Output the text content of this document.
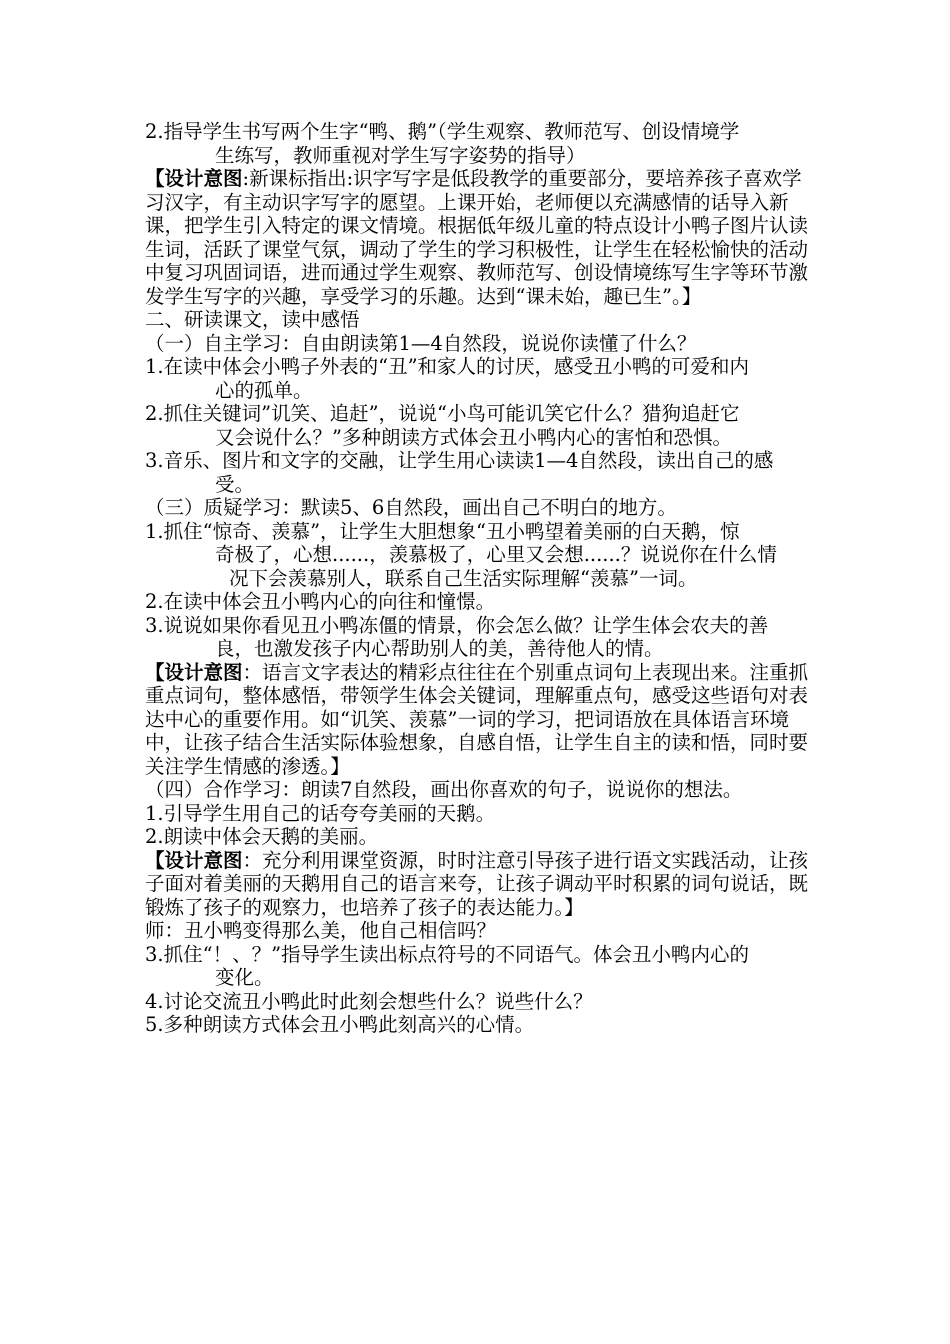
2.指导学生书写两个生字“鸭、鹅”（学生观察、教师范写、创设情境学

生练写，教师重视对学生写字姿势的指导）

【设计意图:新课标指出:识字写字是低段教学的重要部分，要培养孩子喜欢学习汉字，有主动识字写字的愿望。上课开始，老师便以充满感情的话导入新课，把学生引入特定的课文情境。根据低年级儿童的特点设计小鸭子图片认读生词，活跃了课堂气氛，调动了学生的学习积极性，让学生在轻松愉快的活动中复习巩固词语，进而通过学生观察、教师范写、创设情境练写生字等环节激发学生写字的兴趣，享受学习的乐趣。达到“课未始，趣已生”。】

二、研读课文，读中感悟

（一）自主学习：自由朗读第1—4自然段，说说你读懂了什么？

1.在读中体会小鸭子外表的“丑”和家人的讨厌，感受丑小鸭的可爱和内

心的孤单。

2.抓住关键词”讥笑、追赶”，说说“小鸟可能讥笑它什么？猎狗追赶它

又会说什么？”多种朗读方式体会丑小鸭内心的害怕和恐惧。

3.音乐、图片和文字的交融，让学生用心读读1—4自然段，读出自己的感

受。

（三）质疑学习：默读5、6自然段，画出自己不明白的地方。

1.抓住“惊奇、羡慕”，让学生大胆想象“丑小鸭望着美丽的白天鹅，惊

奇极了，心想......，羡慕极了，心里又会想......？说说你在什么情

况下会羡慕别人，联系自己生活实际理解“羡慕”一词。

2.在读中体会丑小鸭内心的向往和憧憬。

3.说说如果你看见丑小鸭冻僵的情景，你会怎么做？让学生体会农夫的善

良，也激发孩子内心帮助别人的美，善待他人的情。

【设计意图：语言文字表达的精彩点往往在个别重点词句上表现出来。注重抓重点词句，整体感悟，带领学生体会关键词，理解重点句，感受这些语句对表达中心的重要作用。如“讥笑、羡慕”一词的学习，把词语放在具体语言环境中，让孩子结合生活实际体验想象，自感自悟，让学生自主的读和悟，同时要关注学生情感的渗透。】

（四）合作学习：朗读7自然段，画出你喜欢的句子，说说你的想法。

1.引导学生用自己的话夸夸美丽的天鹅。

2.朗读中体会天鹅的美丽。

【设计意图：充分利用课堂资源，时时注意引导孩子进行语文实践活动，让孩子面对着美丽的天鹅用自己的语言来夸，让孩子调动平时积累的词句说话，既锻炼了孩子的观察力，也培养了孩子的表达能力。】

师：丑小鸭变得那么美，他自己相信吗？

3.抓住“！、？”指导学生读出标点符号的不同语气。体会丑小鸭内心的

变化。

4.讨论交流丑小鸭此时此刻会想些什么？说些什么？

5.多种朗读方式体会丑小鸭此刻高兴的心情。
